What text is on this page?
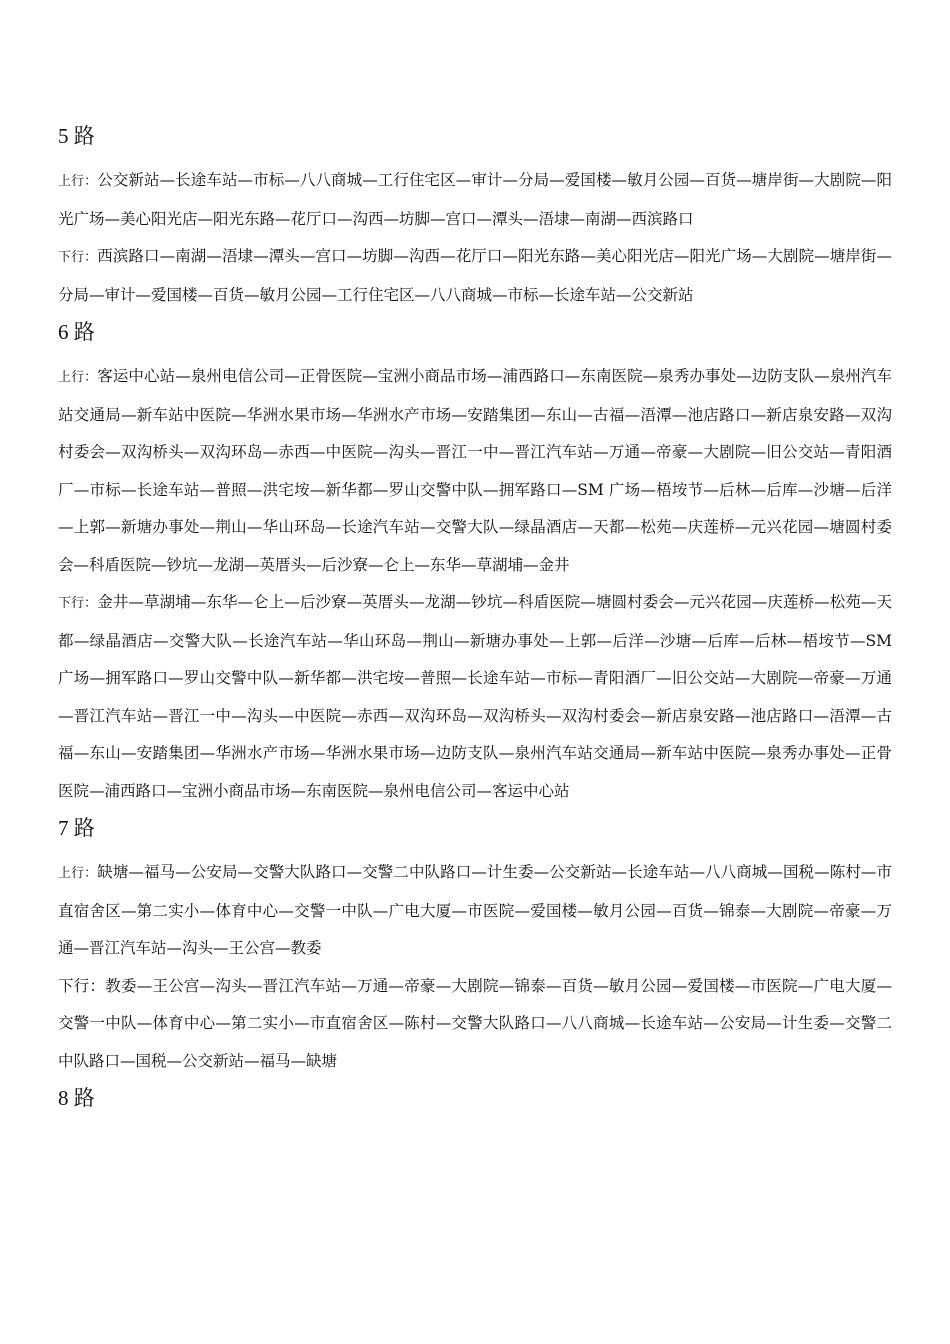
5 路

上行：公交新站—长途车站—市标—八八商城—工行住宅区—审计—分局—爱国楼—敏月公园—百货—塘岸街—大剧院—阳光广场—美心阳光店—阳光东路—花厅口—沟西—坊脚—宫口—潭头—浯埭—南湖—西滨路口

下行：西滨路口—南湖—浯埭—潭头—宫口—坊脚—沟西—花厅口—阳光东路—美心阳光店—阳光广场—大剧院—塘岸街—分局—审计—爱国楼—百货—敏月公园—工行住宅区—八八商城—市标—长途车站—公交新站

6 路

上行：客运中心站—泉州电信公司—正骨医院—宝洲小商品市场—浦西路口—东南医院—泉秀办事处—边防支队—泉州汽车站交通局—新车站中医院—华洲水果市场—华洲水产市场—安踏集团—东山—古福—浯潭—池店路口—新店泉安路—双沟村委会—双沟桥头—双沟环岛—赤西—中医院—沟头—晋江一中—晋江汽车站—万通—帝豪—大剧院—旧公交站—青阳酒厂—市标—长途车站—普照—洪宅垵—新华都—罗山交警中队—拥军路口—SM 广场—梧垵节—后林—后库—沙塘—后洋—上郭—新塘办事处—荆山—华山环岛—长途汽车站—交警大队—绿晶酒店—天都—松苑—庆莲桥—元兴花园—塘圆村委会—科盾医院—钞坑—龙湖—英厝头—后沙寮—仑上—东华—草湖埔—金井

下行：金井—草湖埔—东华—仑上—后沙寮—英厝头—龙湖—钞坑—科盾医院—塘圆村委会—元兴花园—庆莲桥—松苑—天都—绿晶酒店—交警大队—长途汽车站—华山环岛—荆山—新塘办事处—上郭—后洋—沙塘—后库—后林—梧垵节—SM 广场—拥军路口—罗山交警中队—新华都—洪宅垵—普照—长途车站—市标—青阳酒厂—旧公交站—大剧院—帝豪—万通—晋江汽车站—晋江一中—沟头—中医院—赤西—双沟环岛—双沟桥头—双沟村委会—新店泉安路—池店路口—浯潭—古福—东山—安踏集团—华洲水产市场—华洲水果市场—边防支队—泉州汽车站交通局—新车站中医院—泉秀办事处—正骨医院—浦西路口—宝洲小商品市场—东南医院—泉州电信公司—客运中心站

7 路

上行：缺塘—福马—公安局—交警大队路口—交警二中队路口—计生委—公交新站—长途车站—八八商城—国税—陈村—市直宿舍区—第二实小—体育中心—交警一中队—广电大厦—市医院—爱国楼—敏月公园—百货—锦泰—大剧院—帝豪—万通—晋江汽车站—沟头—王公宫—教委

下行：教委—王公宫—沟头—晋江汽车站—万通—帝豪—大剧院—锦泰—百货—敏月公园—爱国楼—市医院—广电大厦—交警一中队—体育中心—第二实小—市直宿舍区—陈村—交警大队路口—八八商城—长途车站—公安局—计生委—交警二中队路口—国税—公交新站—福马—缺塘

8 路
